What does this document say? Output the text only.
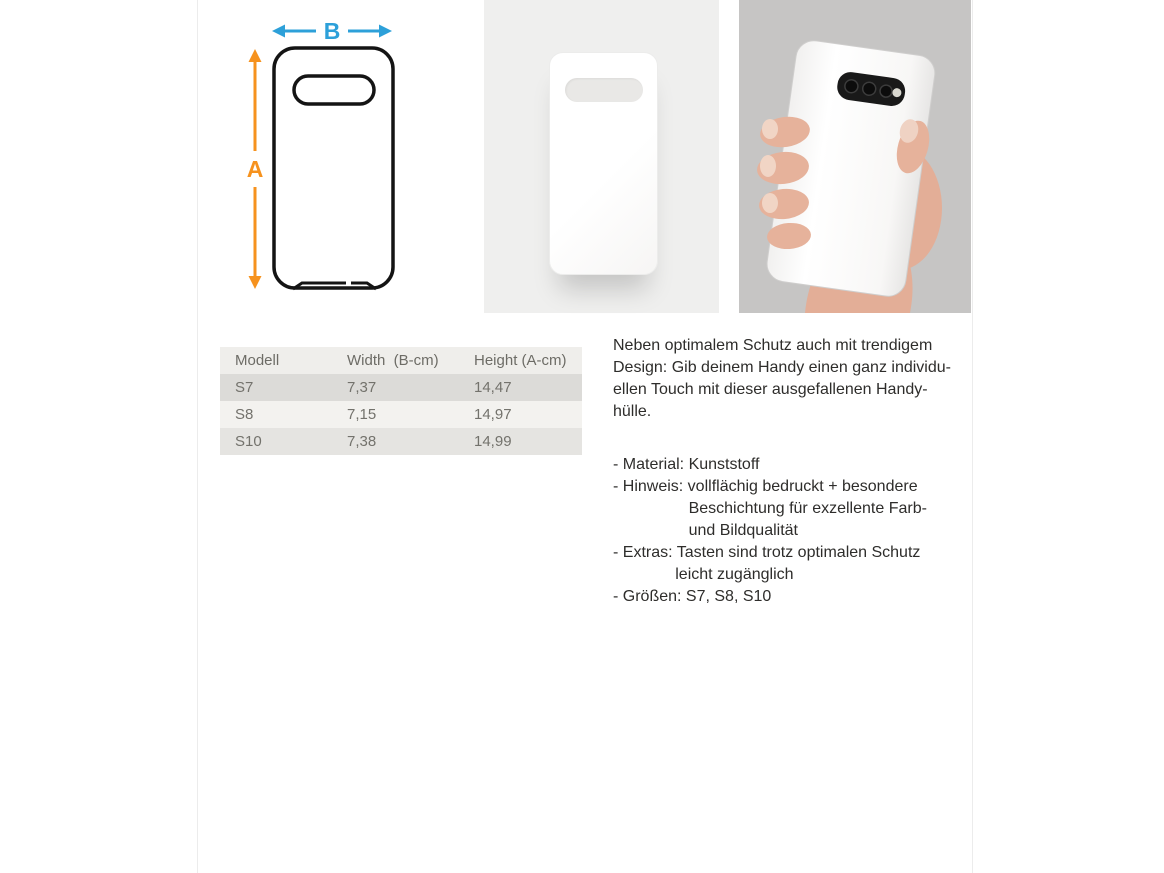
B
A
Modell	Width  (B-cm)	Height (A-cm)
S7	7,37	14,47
S8	7,15	14,97
S10	7,38	14,99
Neben optimalem Schutz auch mit trendigem
Design: Gib deinem Handy einen ganz individu-
ellen Touch mit dieser ausgefallenen Handy-
hülle.
- Material: Kunststoff
- Hinweis: vollflächig bedruckt + besondere
Beschichtung für exzellente Farb-
und Bildqualität
- Extras: Tasten sind trotz optimalen Schutz
leicht zugänglich
- Größen: S7, S8, S10
